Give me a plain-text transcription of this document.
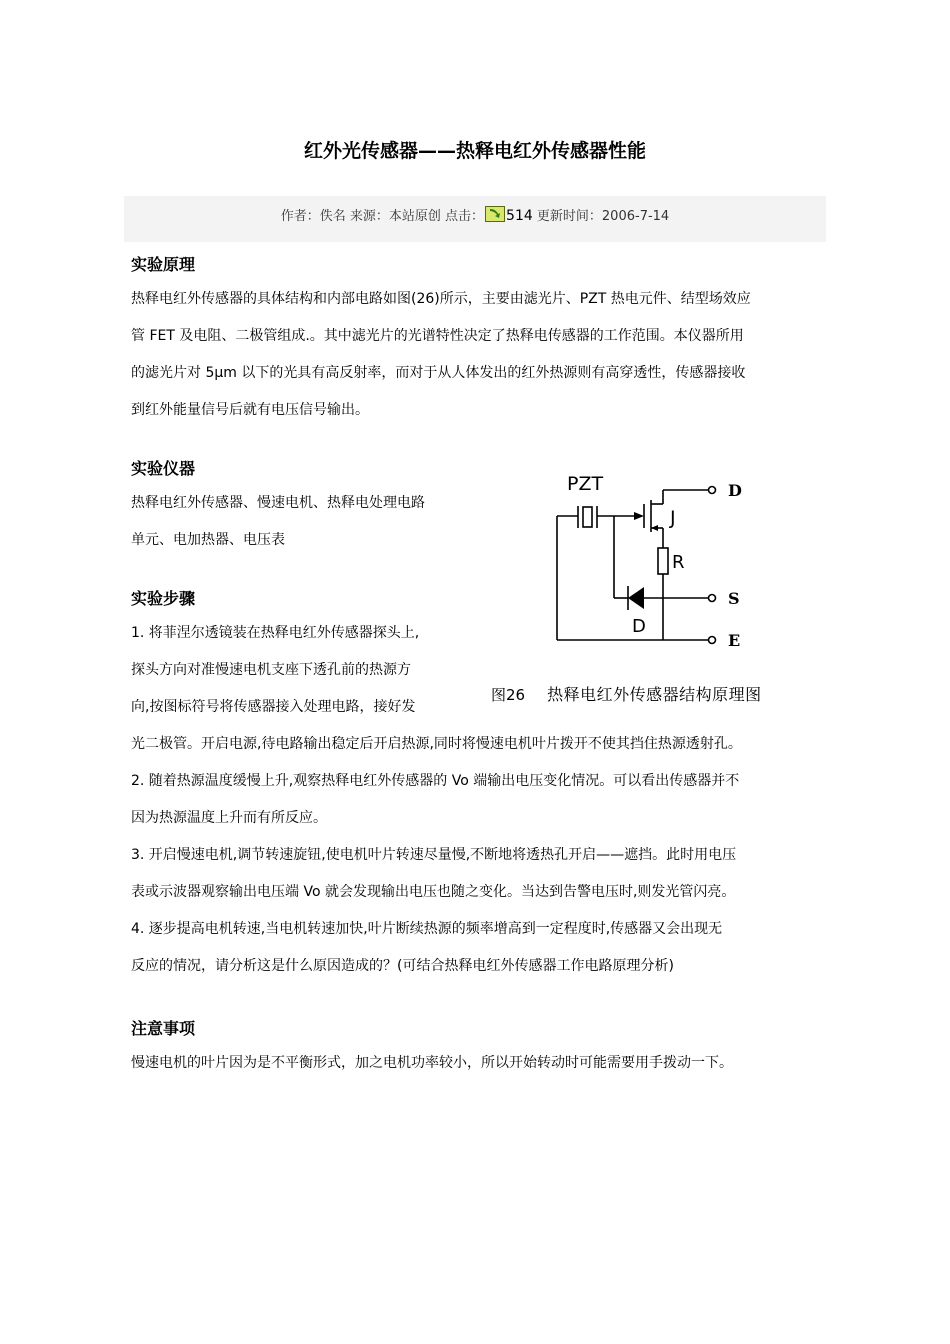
红外光传感器——热释电红外传感器性能
作者：佚名 来源：本站原创 点击： 514 更新时间：2006-7-14
实验原理
热释电红外传感器的具体结构和内部电路如图(26)所示，主要由滤光片、PZT 热电元件、结型场效应
管 FET 及电阻、二极管组成.。其中滤光片的光谱特性决定了热释电传感器的工作范围。本仪器所用
的滤光片对 5μm 以下的光具有高反射率，而对于从人体发出的红外热源则有高穿透性，传感器接收
到红外能量信号后就有电压信号输出。
实验仪器
热释电红外传感器、慢速电机、热释电处理电路
单元、电加热器、电压表
实验步骤
1. 将菲涅尔透镜装在热释电红外传感器探头上,
探头方向对准慢速电机支座下透孔前的热源方
向,按图标符号将传感器接入处理电路，接好发
光二极管。开启电源,待电路输出稳定后开启热源,同时将慢速电机叶片拨开不使其挡住热源透射孔。
2. 随着热源温度缓慢上升,观察热释电红外传感器的 Vo 端输出电压变化情况。可以看出传感器并不
因为热源温度上升而有所反应。
3. 开启慢速电机,调节转速旋钮,使电机叶片转速尽量慢,不断地将透热孔开启——遮挡。此时用电压
表或示波器观察输出电压端 Vo 就会发现输出电压也随之变化。当达到告警电压时,则发光管闪亮。
4. 逐步提高电机转速,当电机转速加快,叶片断续热源的频率增高到一定程度时,传感器又会出现无
反应的情况，请分析这是什么原因造成的？(可结合热释电红外传感器工作电路原理分析)
注意事项
慢速电机的叶片因为是不平衡形式，加之电机功率较小，所以开始转动时可能需要用手拨动一下。
PZT
J
R
D
D
S
E
图26 热释电红外传感器结构原理图
